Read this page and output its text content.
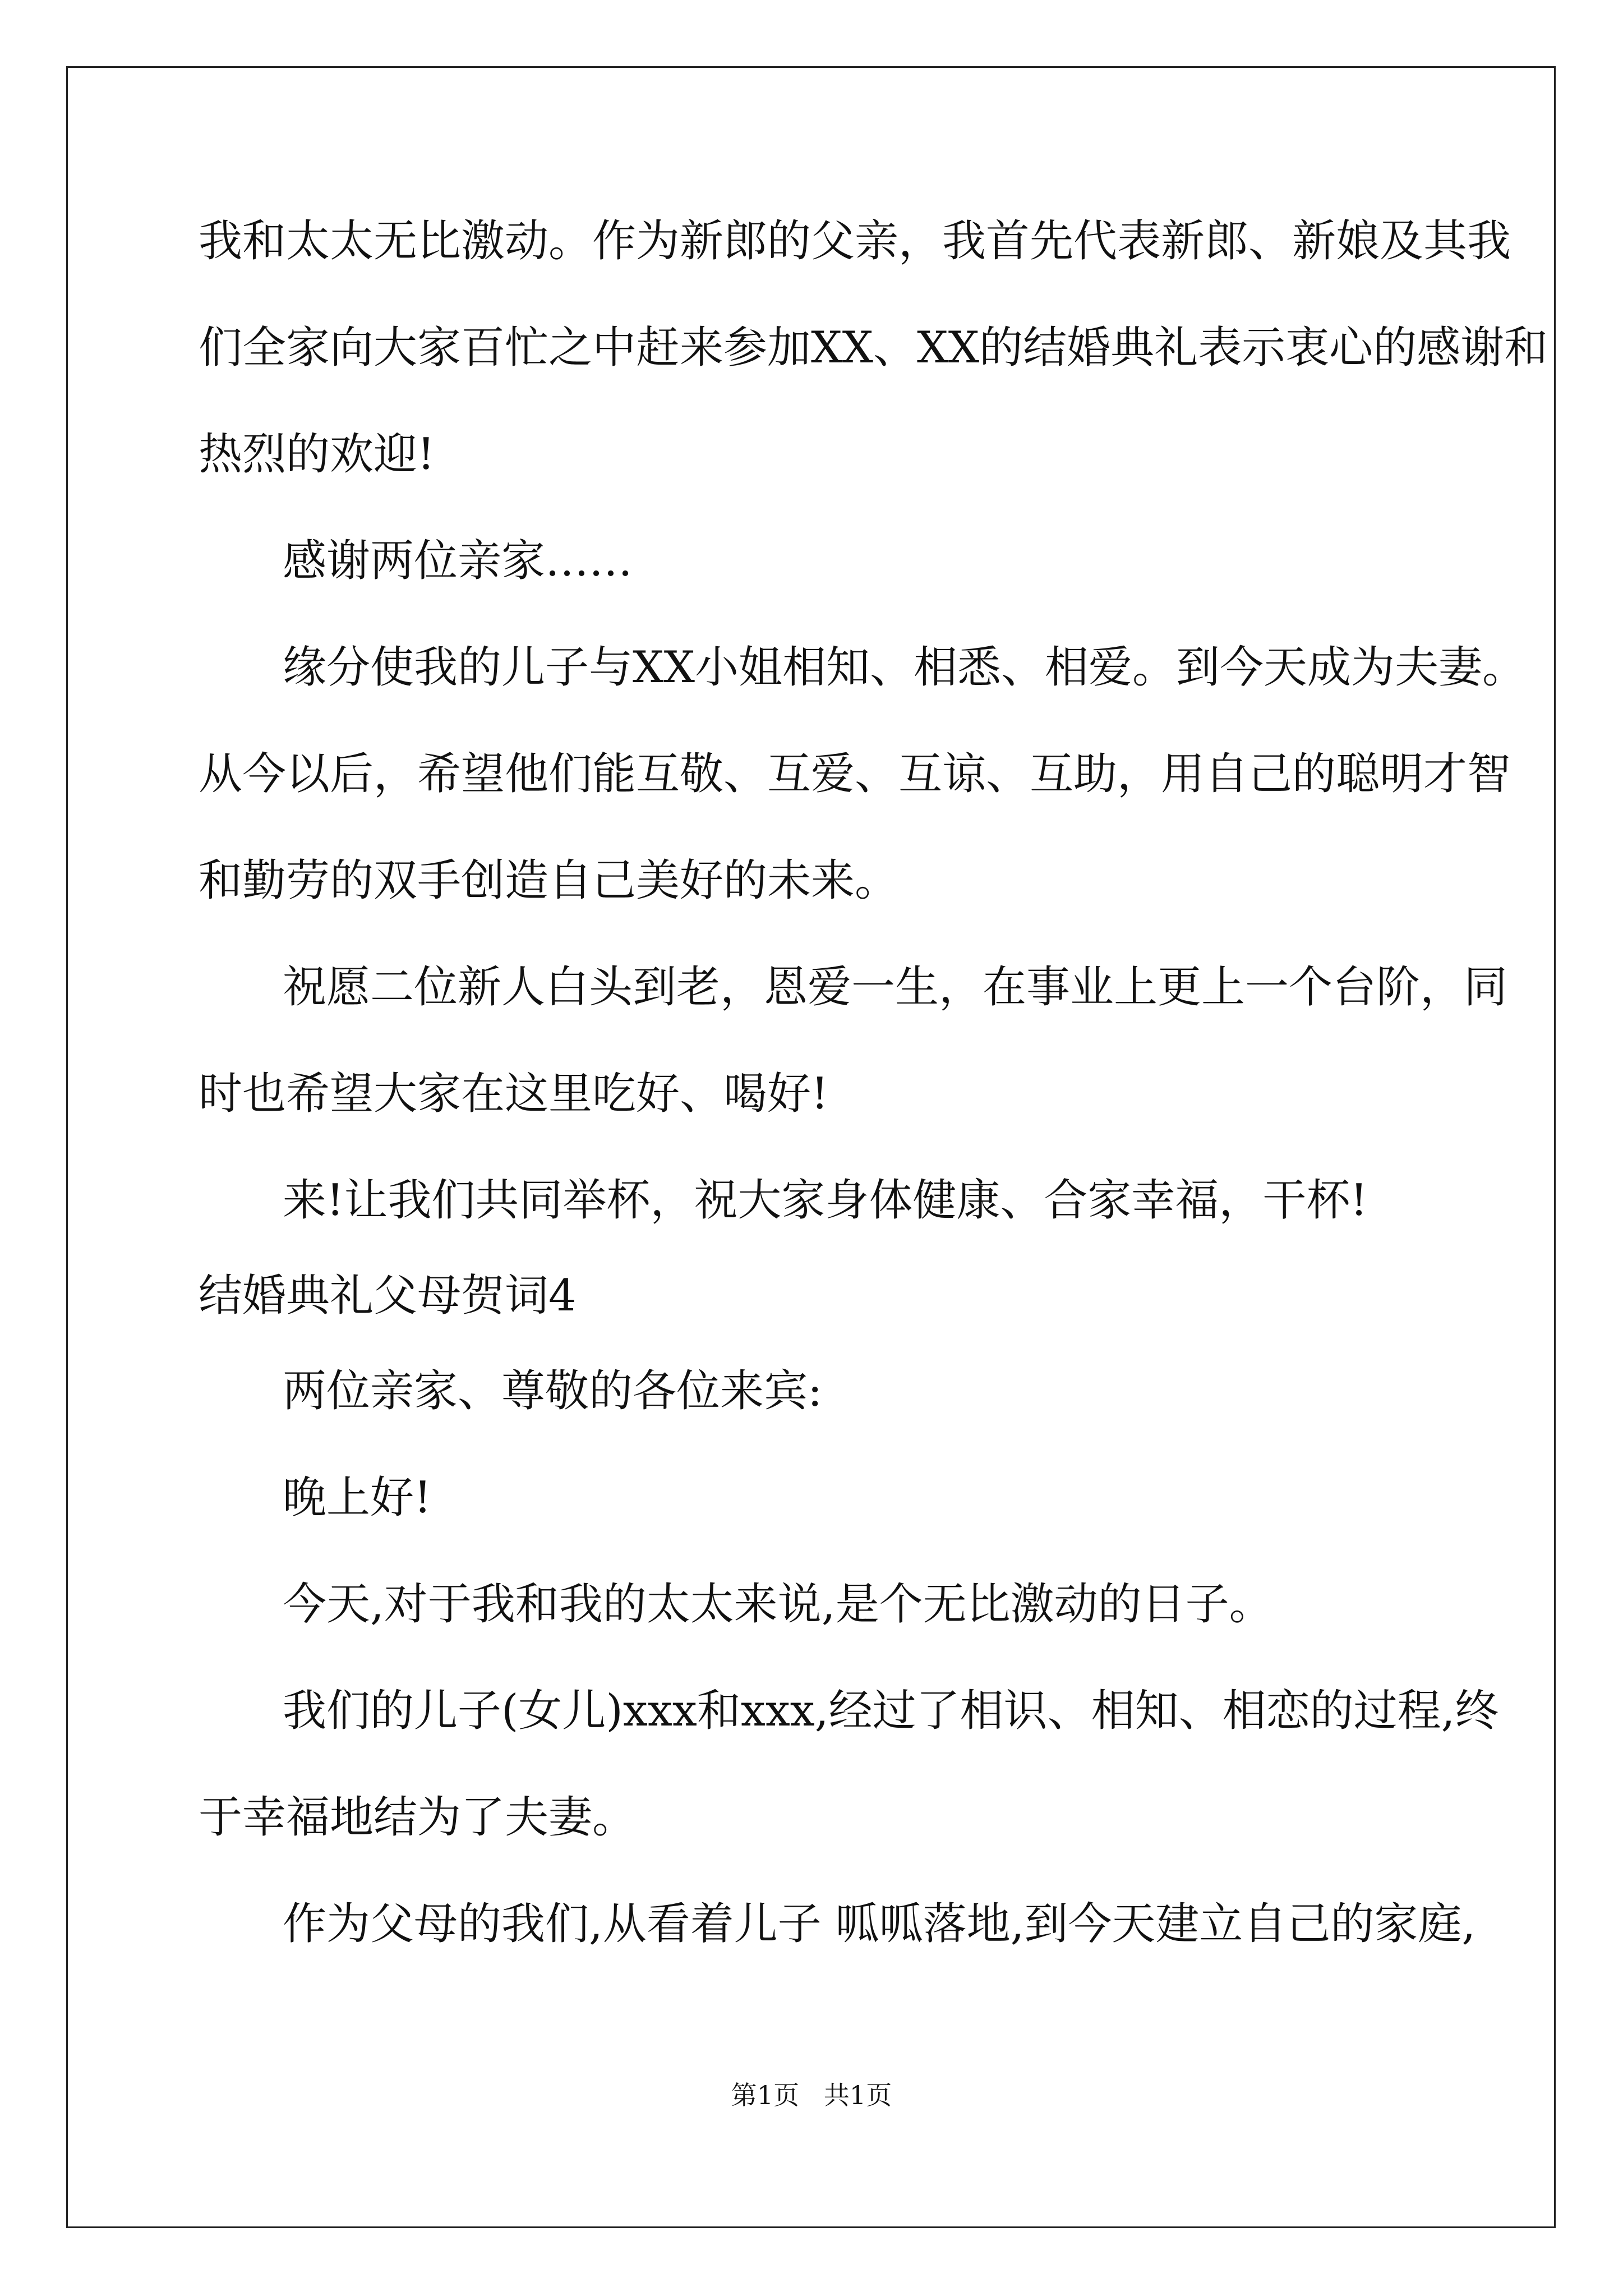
我和太太无比激动。作为新郎的父亲，我首先代表新郎、新娘及其我
们全家向大家百忙之中赶来参加XX、XX的结婚典礼表示衷心的感谢和
热烈的欢迎!
感谢两位亲家……
缘分使我的儿子与XX小姐相知、相悉、相爱。到今天成为夫妻。
从今以后，希望他们能互敬、互爱、互谅、互助，用自己的聪明才智
和勤劳的双手创造自己美好的未来。
祝愿二位新人白头到老，恩爱一生，在事业上更上一个台阶，同
时也希望大家在这里吃好、喝好!
来!让我们共同举杯，祝大家身体健康、合家幸福，干杯!
结婚典礼父母贺词4
两位亲家、尊敬的各位来宾:
晚上好!
今天,对于我和我的太太来说,是个无比激动的日子。
我们的儿子(女儿)xxx和xxx,经过了相识、相知、相恋的过程,终
于幸福地结为了夫妻。
作为父母的我们,从看着儿子 呱呱落地,到今天建立自己的家庭,
第1页   共1页
